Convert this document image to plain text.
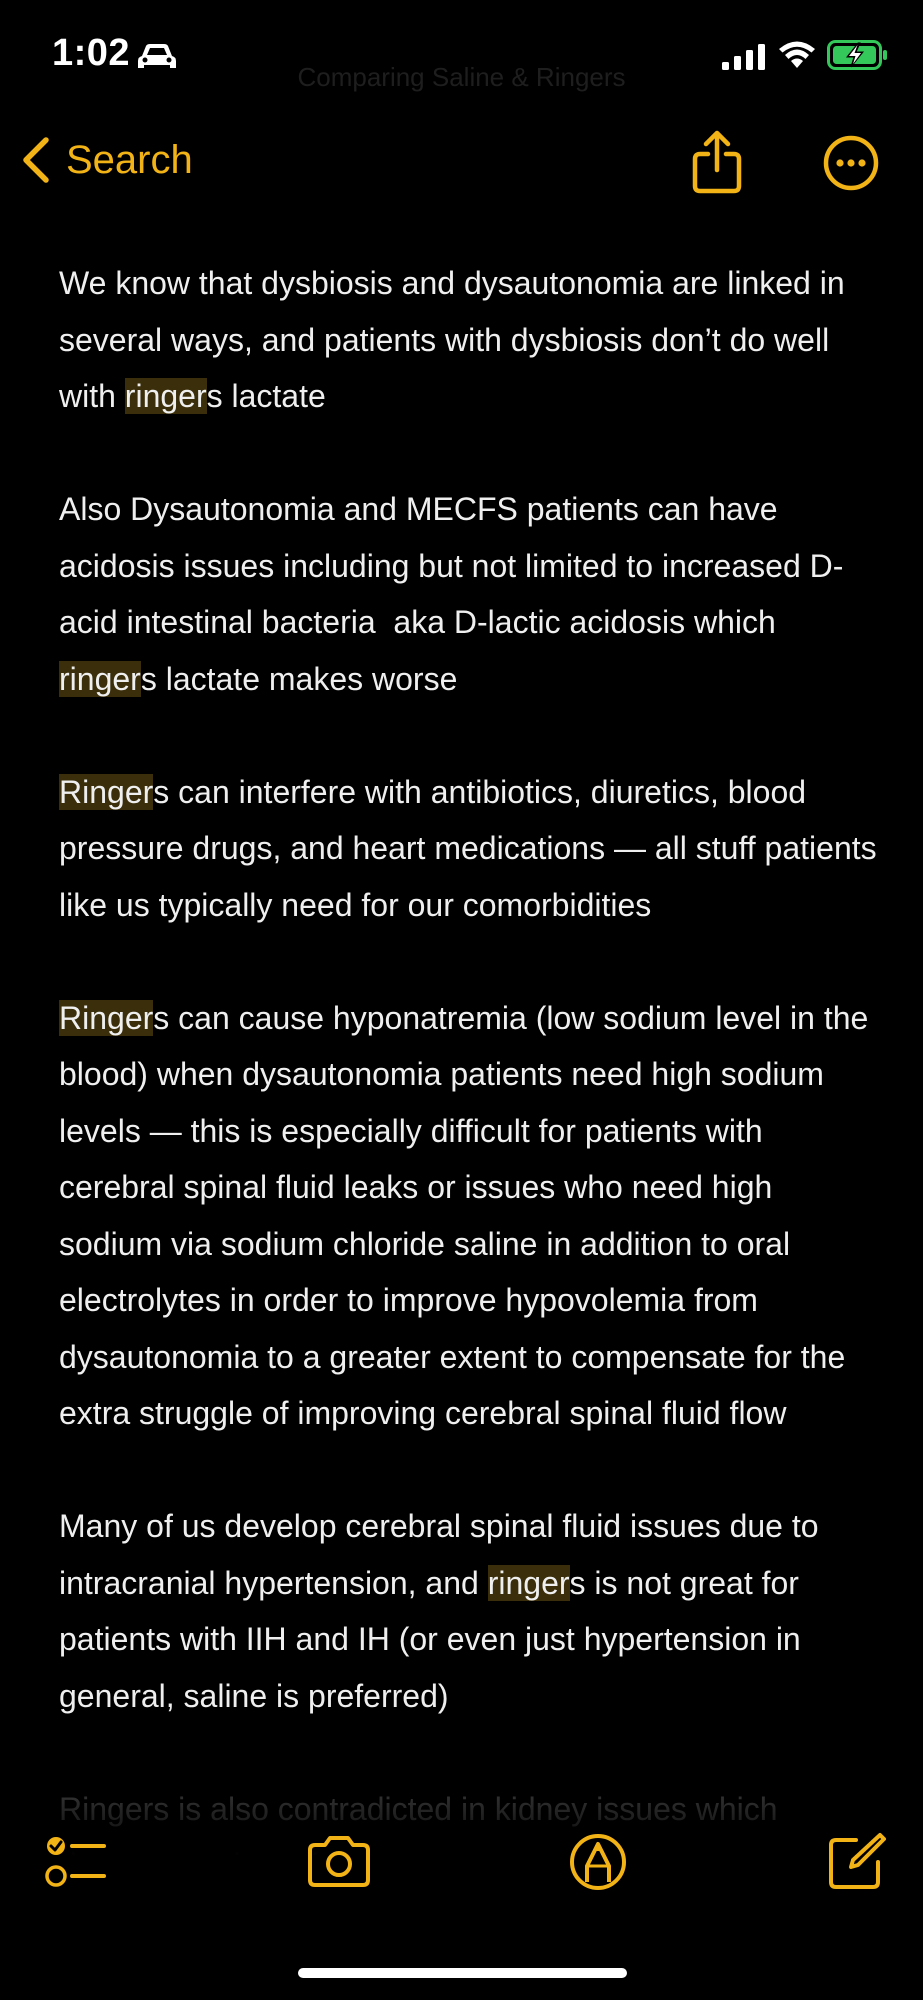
1:02
Comparing Saline & Ringers
Search

We know that dysbiosis and dysautonomia are linked in several ways, and patients with dysbiosis don’t do well with ringers lactate

Also Dysautonomia and MECFS patients can have acidosis issues including but not limited to increased D-acid intestinal bacteria  aka D-lactic acidosis which ringers lactate makes worse

Ringers can interfere with antibiotics, diuretics, blood pressure drugs, and heart medications — all stuff patients like us typically need for our comorbidities

Ringers can cause hyponatremia (low sodium level in the blood) when dysautonomia patients need high sodium levels — this is especially difficult for patients with cerebral spinal fluid leaks or issues who need high sodium via sodium chloride saline in addition to oral electrolytes in order to improve hypovolemia from dysautonomia to a greater extent to compensate for the extra struggle of improving cerebral spinal fluid flow

Many of us develop cerebral spinal fluid issues due to intracranial hypertension, and ringers is not great for patients with IIH and IH (or even just hypertension in general, saline is preferred)
